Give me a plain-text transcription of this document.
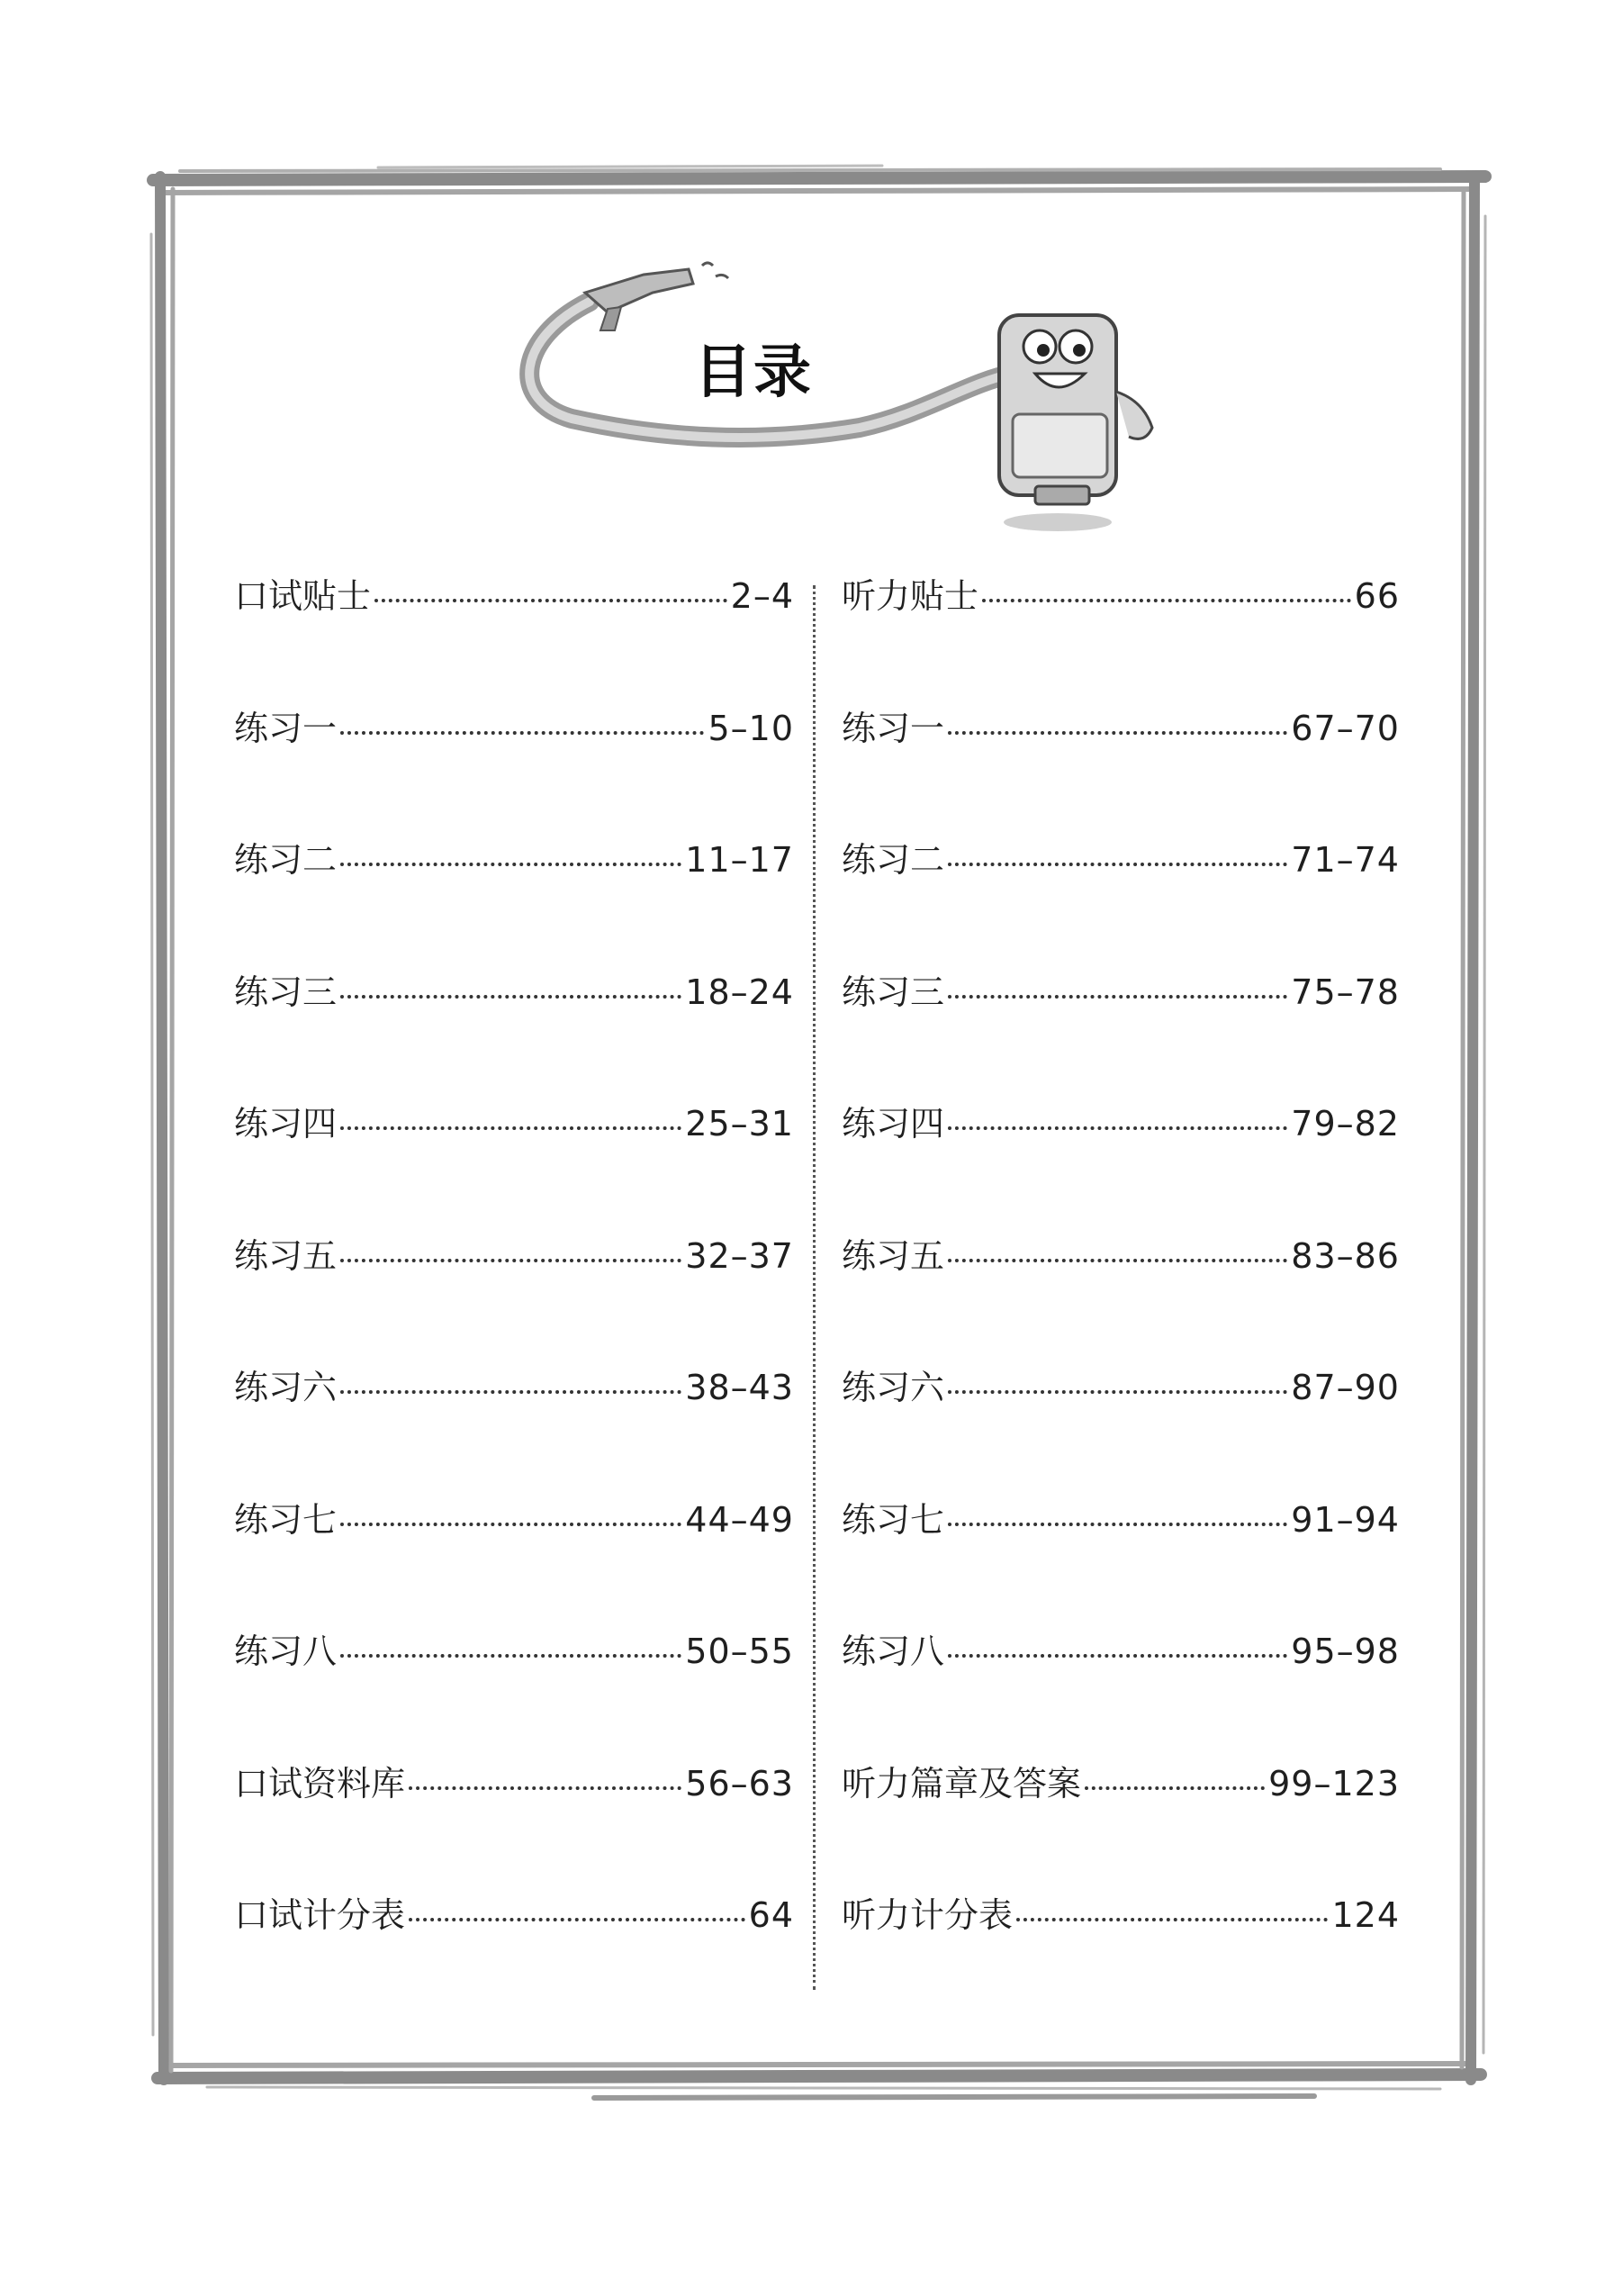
目录
口试贴士	2–4
练习一	5–10
练习二	11–17
练习三	18–24
练习四	25–31
练习五	32–37
练习六	38–43
练习七	44–49
练习八	50–55
口试资料库	56–63
口试计分表	64
听力贴士	66
练习一	67–70
练习二	71–74
练习三	75–78
练习四	79–82
练习五	83–86
练习六	87–90
练习七	91–94
练习八	95–98
听力篇章及答案	99–123
听力计分表	124
